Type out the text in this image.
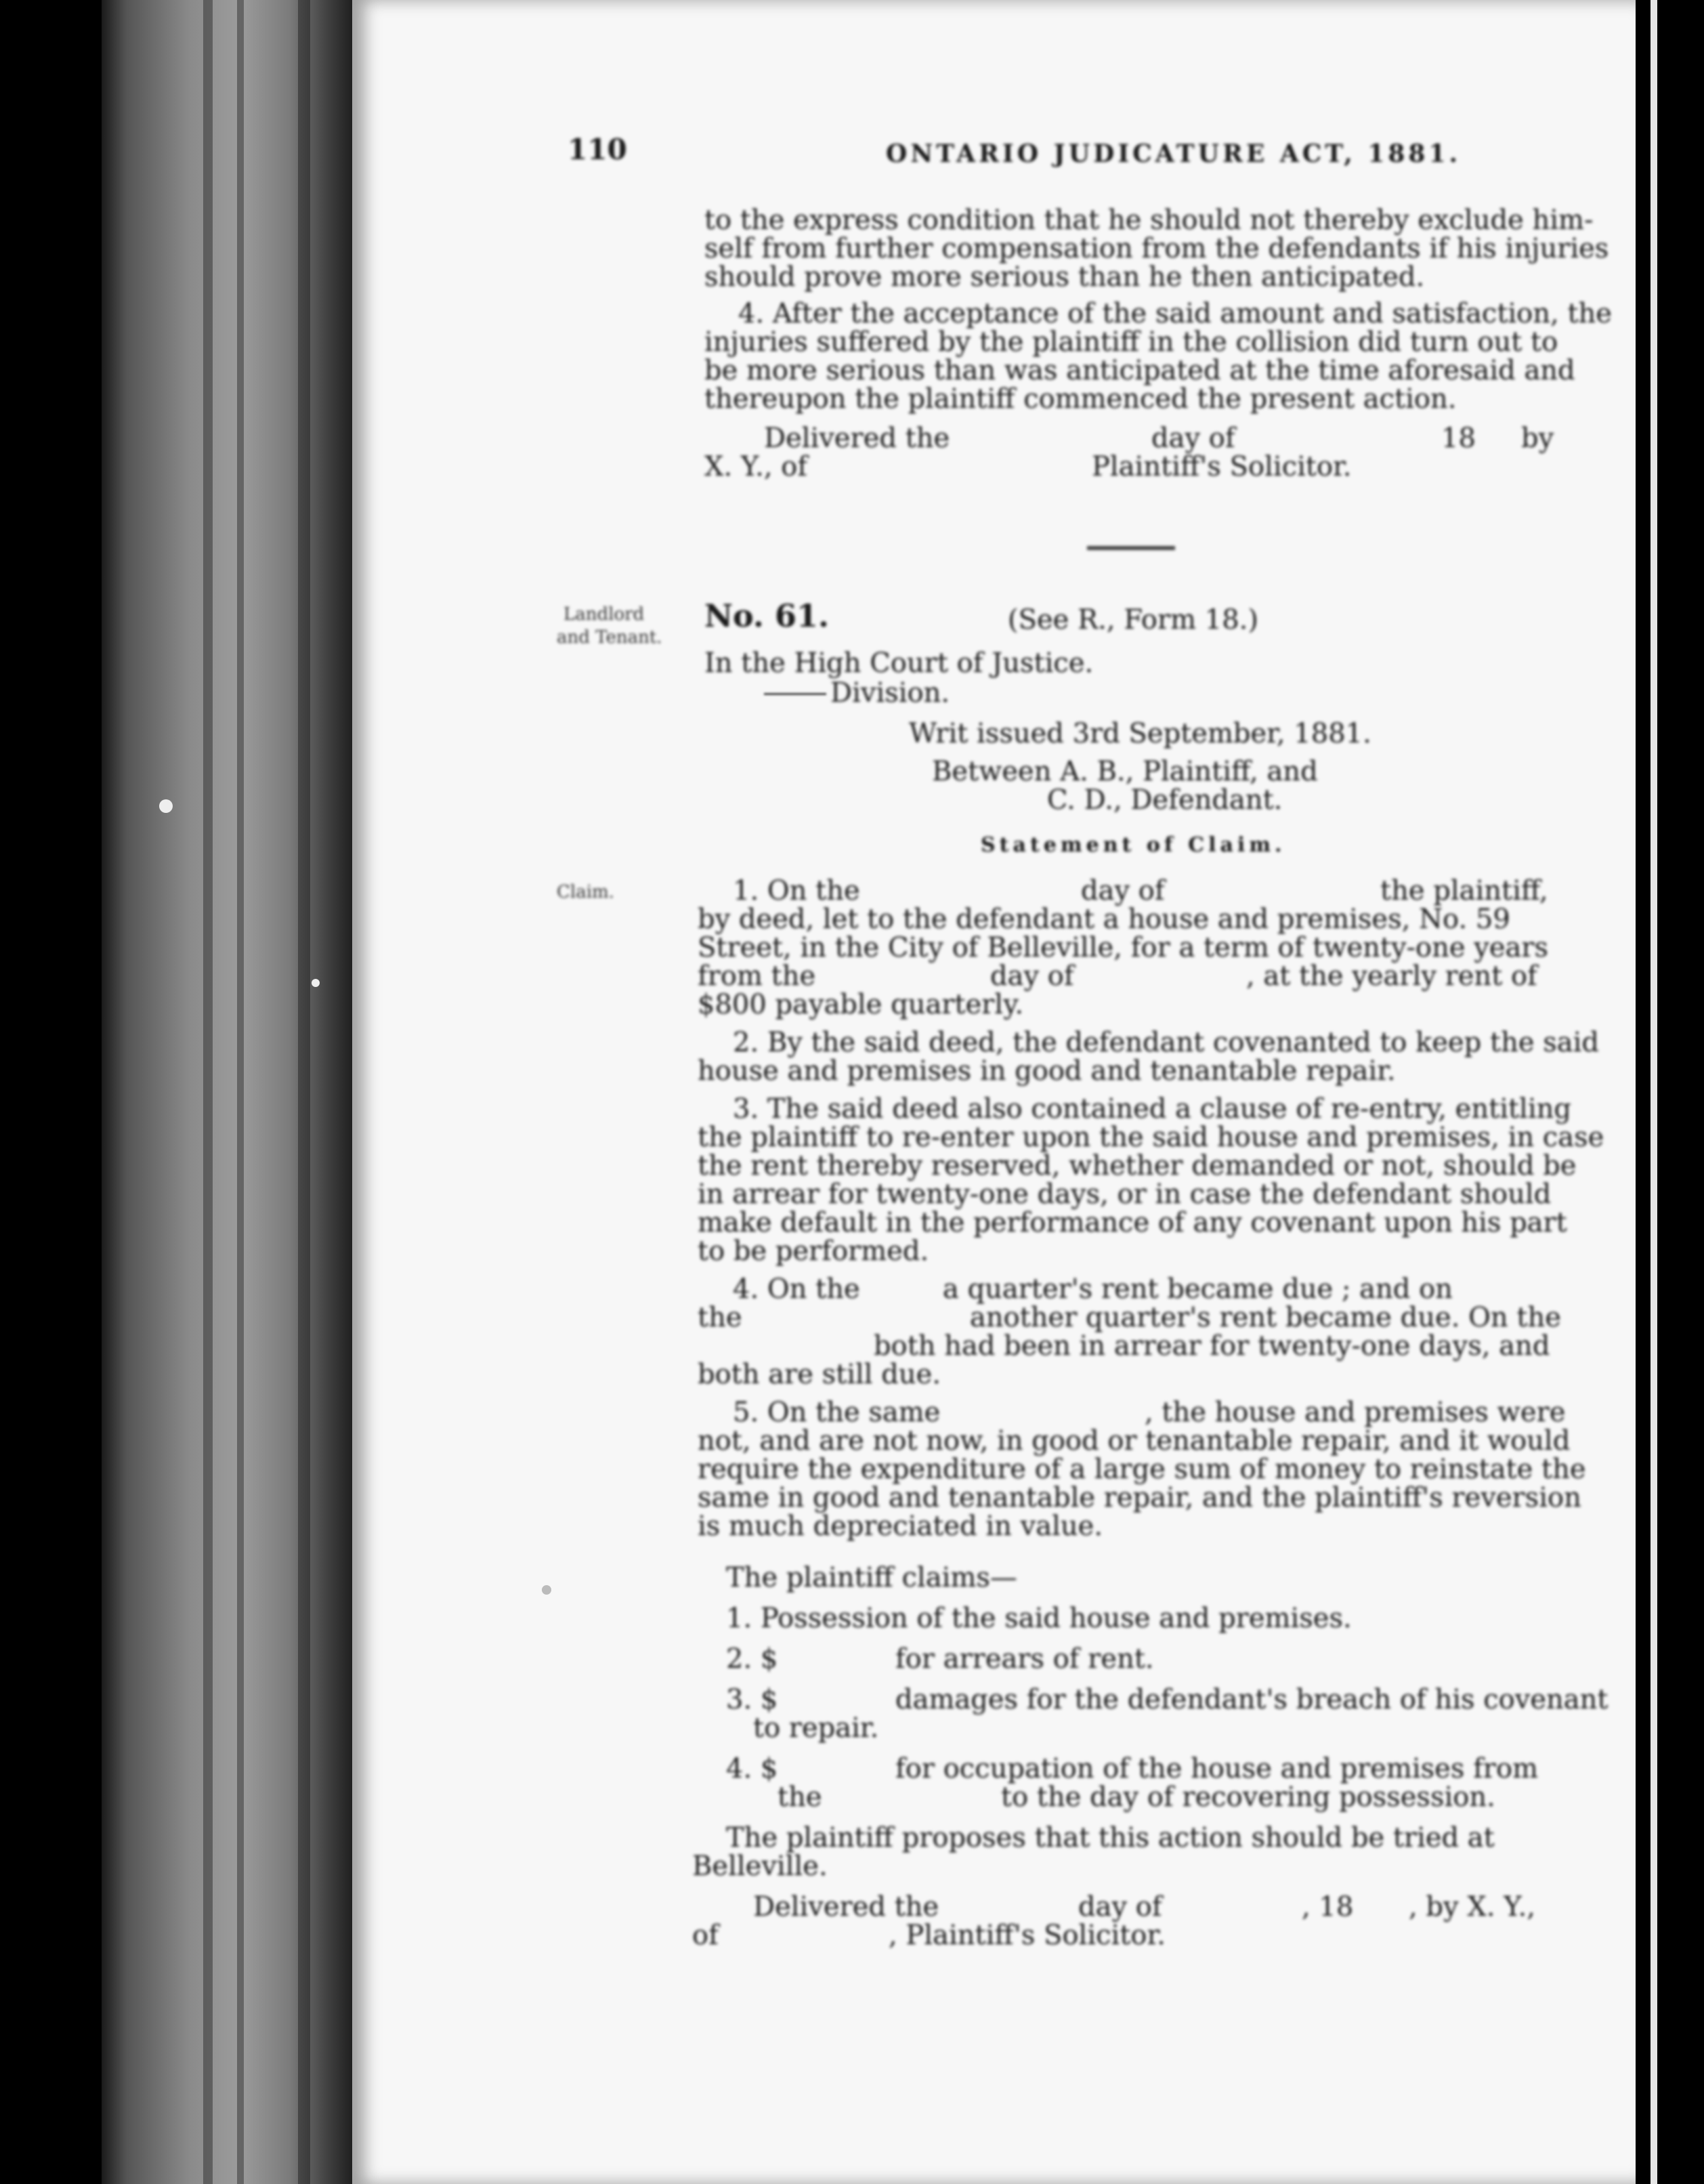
110	ONTARIO JUDICATURE ACT, 1881.
to the express condition that he should not thereby exclude him-
self from further compensation from the defendants if his injuries
should prove more serious than he then anticipated.
4. After the acceptance of the said amount and satisfaction, the
injuries suffered by the plaintiff in the collision did turn out to
be more serious than was anticipated at the time aforesaid and
thereupon the plaintiff commenced the present action.
Delivered the	day of	18 by
X. Y., of	Plaintiff's Solicitor.
Landlord
and Tenant.
No. 61.	(See R., Form 18.)
In the High Court of Justice.
Division.
Writ issued 3rd September, 1881.
Between A. B., Plaintiff, and
C. D., Defendant.
Statement of Claim.
Claim.	1. On the	day of	the plaintiff,
by deed, let to the defendant a house and premises, No. 59
Street, in the City of Belleville, for a term of twenty-one years
from the	day of	, at the yearly rent of
$800 payable quarterly.
2. By the said deed, the defendant covenanted to keep the said
house and premises in good and tenantable repair.
3. The said deed also contained a clause of re-entry, entitling
the plaintiff to re-enter upon the said house and premises, in case
the rent thereby reserved, whether demanded or not, should be
in arrear for twenty-one days, or in case the defendant should
make default in the performance of any covenant upon his part
to be performed.
4. On the	a quarter's rent became due ; and on
the	another quarter's rent became due. On the
both had been in arrear for twenty-one days, and
both are still due.
5. On the same	, the house and premises were
not, and are not now, in good or tenantable repair, and it would
require the expenditure of a large sum of money to reinstate the
same in good and tenantable repair, and the plaintiff's reversion
is much depreciated in value.
The plaintiff claims—
1. Possession of the said house and premises.
2. $	for arrears of rent.
3. $	damages for the defendant's breach of his covenant
to repair.
4. $	for occupation of the house and premises from
the	to the day of recovering possession.
The plaintiff proposes that this action should be tried at
Belleville.
Delivered the	day of	, 18 , by X. Y.,
of	, Plaintiff's Solicitor.
